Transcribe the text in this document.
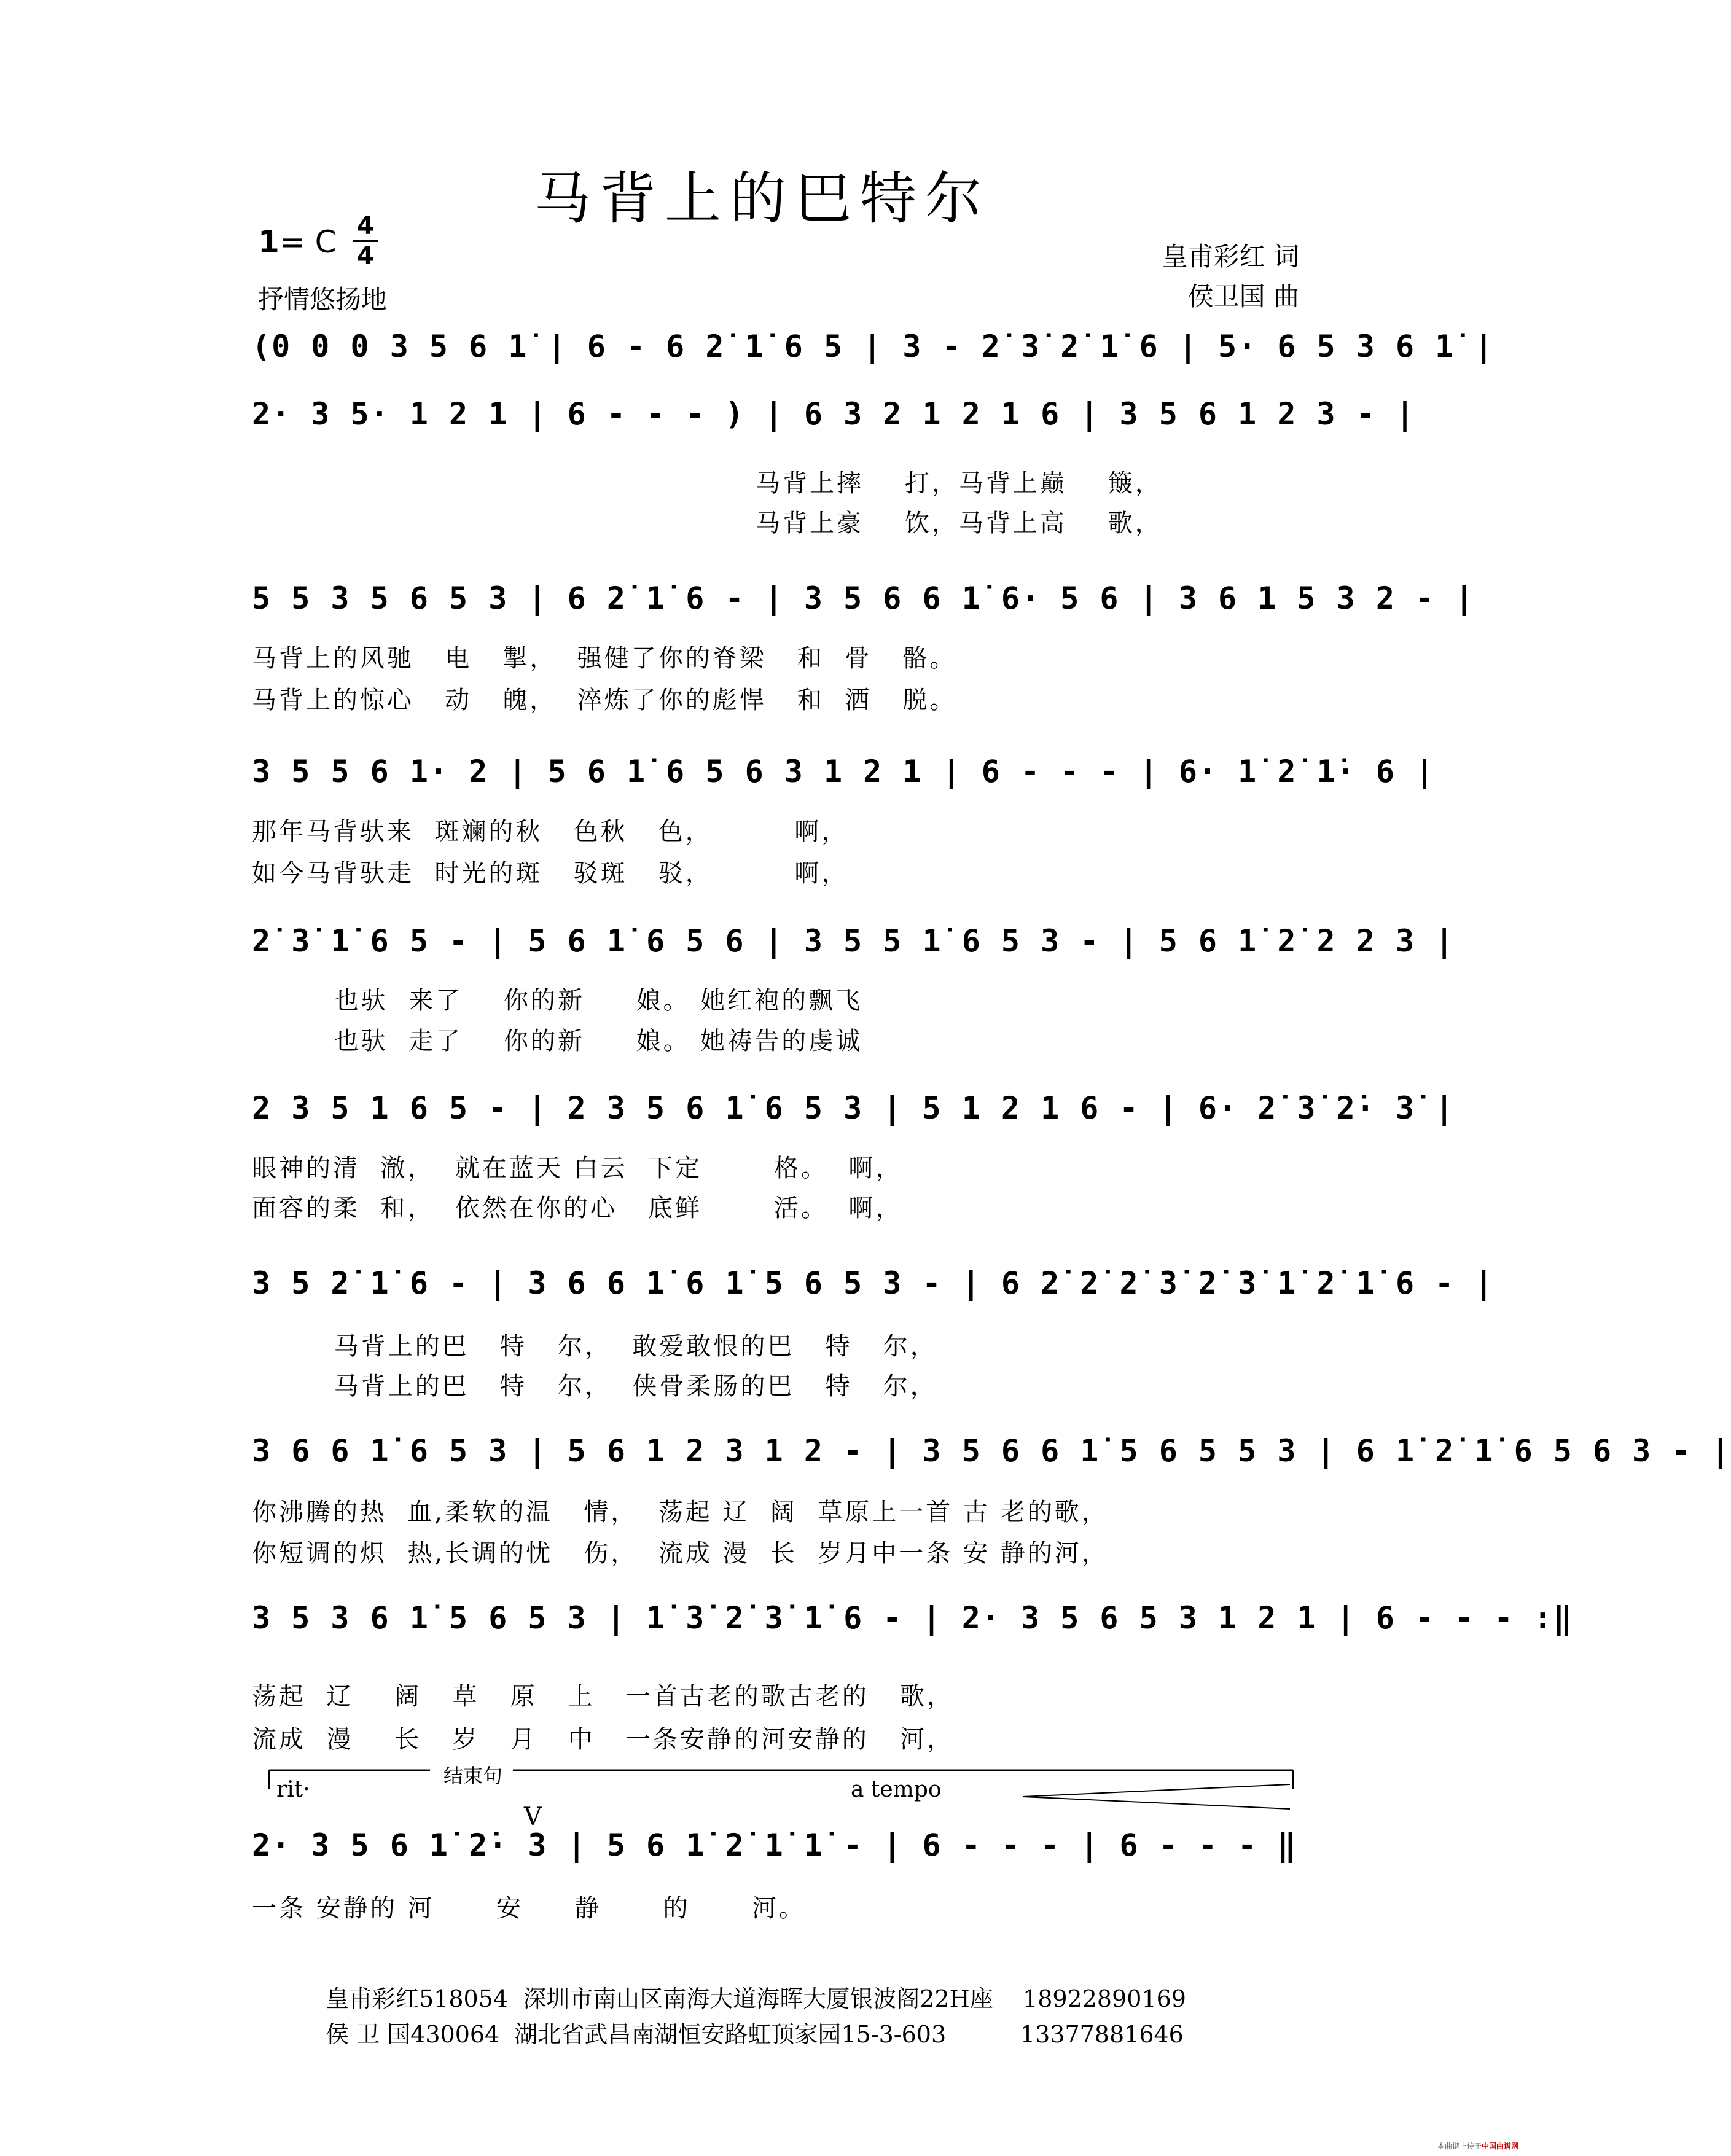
马背上的巴特尔
1= C 4
4
抒情悠扬地
皇甫彩红 词
侯卫国 曲
(0 0 0 3 5 6 1̇ | 6 - 6 2̇ 1̇ 6 5 | 3 - 2̇ 3̇ 2̇ 1̇ 6 | 5· 6 5 3 6 1̇ |
2· 3 5· 1 2 1 | 6 - - - ) | 6 3 2 1 2 1 6 | 3 5 6 1 2 3 - |
马背上摔    打，马背上巅    簸，
马背上豪    饮，马背上高    歌，
5 5 3 5 6 5 3 | 6 2̇ 1̇ 6 - | 3 5 6 6 1̇ 6· 5 6 | 3 6 1 5 3 2 - |
马背上的风驰   电   掣，  强健了你的脊梁   和  骨   骼。
马背上的惊心   动   魄，  淬炼了你的彪悍   和  洒   脱。
3 5 5 6 1· 2 | 5 6 1̇ 6 5 6 3 1 2 1 | 6 - - - | 6· 1̇ 2̇ 1̇· 6 |
那年马背驮来  斑斓的秋   色秋   色，        啊，
如今马背驮走  时光的斑   驳斑   驳，        啊，
2̇ 3̇ 1̇ 6 5 - | 5 6 1̇ 6 5 6 | 3 5 5 1̇ 6 5 3 - | 5 6 1̇ 2̇ 2 2 3 |
也驮  来了    你的新     娘。 她红袍的飘飞
也驮  走了    你的新     娘。 她祷告的虔诚
2 3 5 1 6 5 - | 2 3 5 6 1̇ 6 5 3 | 5 1 2 1 6 - | 6· 2̇ 3̇ 2̇· 3̇ |
眼神的清  澈，  就在蓝天 白云  下定       格。  啊，
面容的柔  和，  依然在你的心   底鲜       活。  啊，
3 5 2̇ 1̇ 6 - | 3 6 6 1̇ 6 1̇ 5 6 5 3 - | 6 2̇ 2̇ 2̇ 3̇ 2̇ 3̇ 1̇ 2̇ 1̇ 6 - |
马背上的巴   特   尔，  敢爱敢恨的巴   特   尔，
马背上的巴   特   尔，  侠骨柔肠的巴   特   尔，
3 6 6 1̇ 6 5 3 | 5 6 1 2 3 1 2 - | 3 5 6 6 1̇ 5 6 5 5 3 | 6 1̇ 2̇ 1̇ 6 5 6 3 - |
你沸腾的热  血,柔软的温   情，  荡起 辽  阔  草原上一首 古 老的歌，
你短调的炽  热,长调的忧   伤，  流成 漫  长  岁月中一条 安 静的河，
3 5 3 6 1̇ 5 6 5 3 | 1̇ 3̇ 2̇ 3̇ 1̇ 6 - | 2· 3 5 6 5 3 1 2 1 | 6 - - - :‖
荡起  辽    阔   草   原   上   一首古老的歌古老的   歌，
流成  漫    长   岁   月   中   一条安静的河安静的   河，
rit·
结束句
a tempo
V
2· 3 5 6 1̇ 2̇· 3 | 5 6 1̇ 2̇ 1̇ 1̇ - | 6 - - - | 6 - - - ‖
一条 安静的 河      安     静      的      河。
皇甫彩红518054  深圳市南山区南海大道海晖大厦银波阁22H座    18922890169
侯 卫 国430064  湖北省武昌南湖恒安路虹顶家园15-3-603          13377881646
本曲谱上传于中国曲谱网
